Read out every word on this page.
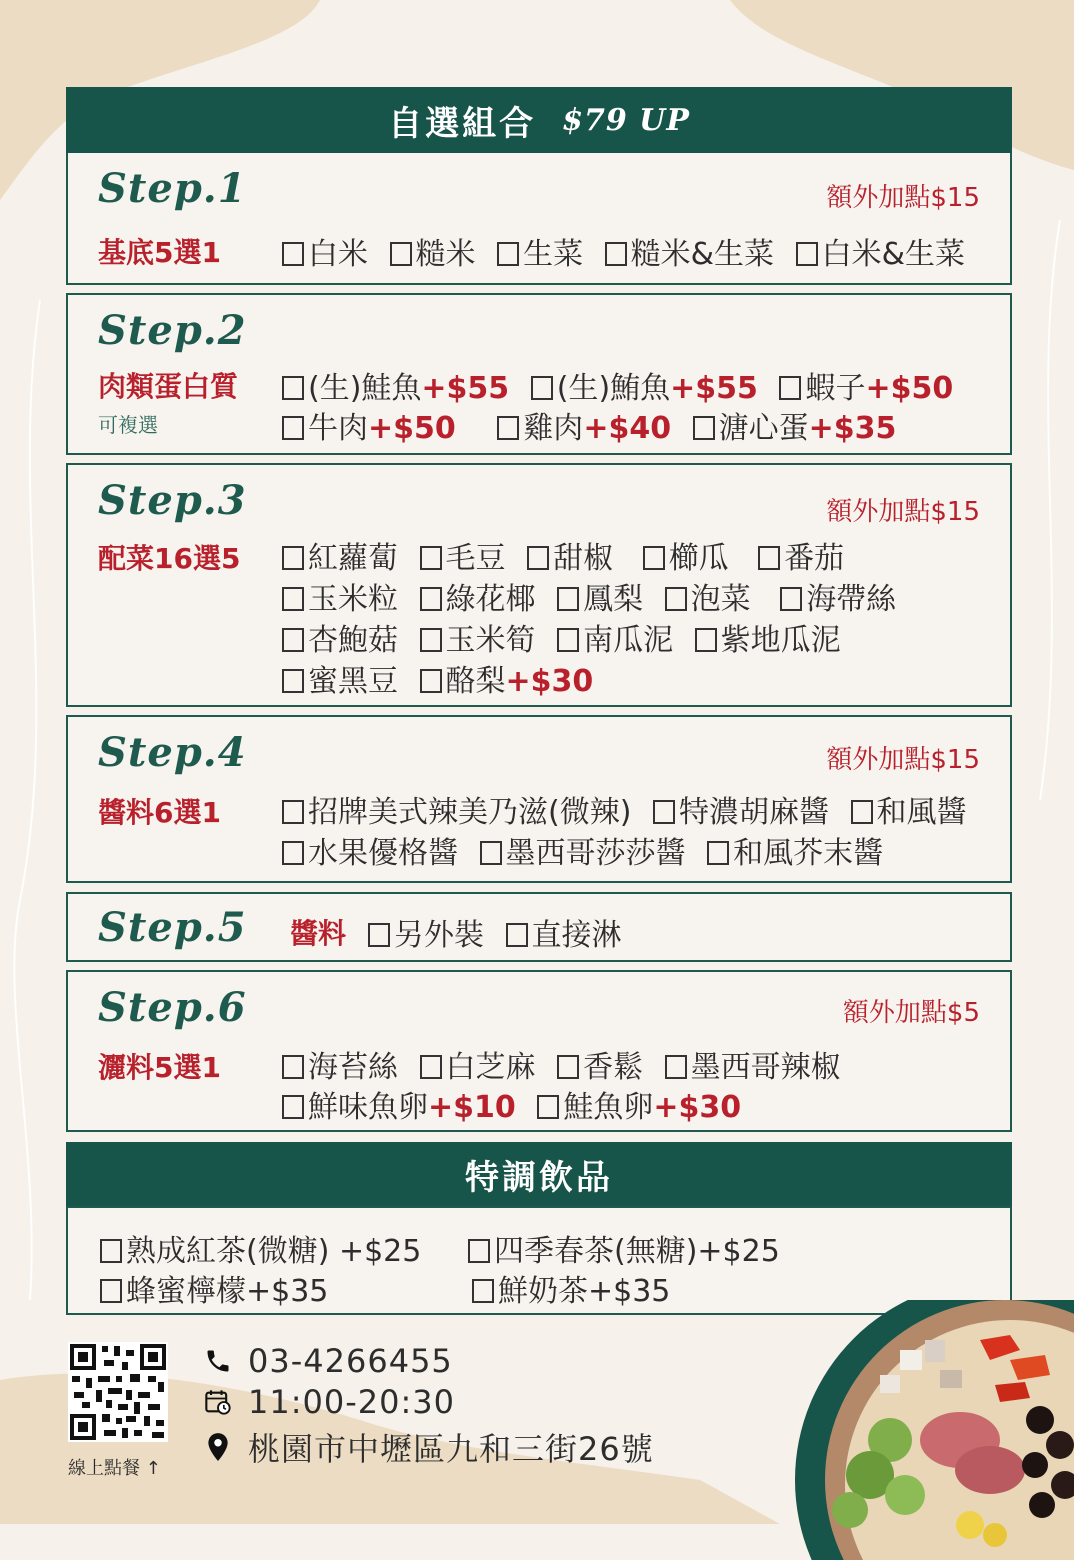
自選組合 $79 UP
Step.1	額外加點$15
基底5選1	白米 糙米 生菜 糙米&生菜 白米&生菜
Step.2
肉類蛋白質
可複選
(生)鮭魚+$55 (生)鮪魚+$55 蝦子+$50
牛肉+$50 雞肉+$40 溏心蛋+$35
Step.3	額外加點$15
配菜16選5	紅蘿蔔 毛豆 甜椒 櫛瓜 番茄
玉米粒 綠花椰 鳳梨 泡菜 海帶絲
杏鮑菇 玉米筍 南瓜泥 紫地瓜泥
蜜黑豆 酪梨+$30
Step.4	額外加點$15
醬料6選1	招牌美式辣美乃滋(微辣) 特濃胡麻醬 和風醬
水果優格醬 墨西哥莎莎醬 和風芥末醬
Step.5 醬料	另外裝 直接淋
Step.6	額外加點$5
灑料5選1	海苔絲 白芝麻 香鬆 墨西哥辣椒
鮮味魚卵+$10 鮭魚卵+$30
特調飲品
熟成紅茶(微糖) +$25	四季春茶(無糖)+$25
蜂蜜檸檬+$35	鮮奶茶+$35
線上點餐 ↑
03-4266455
11:00-20:30
桃園市中壢區九和三街26號
